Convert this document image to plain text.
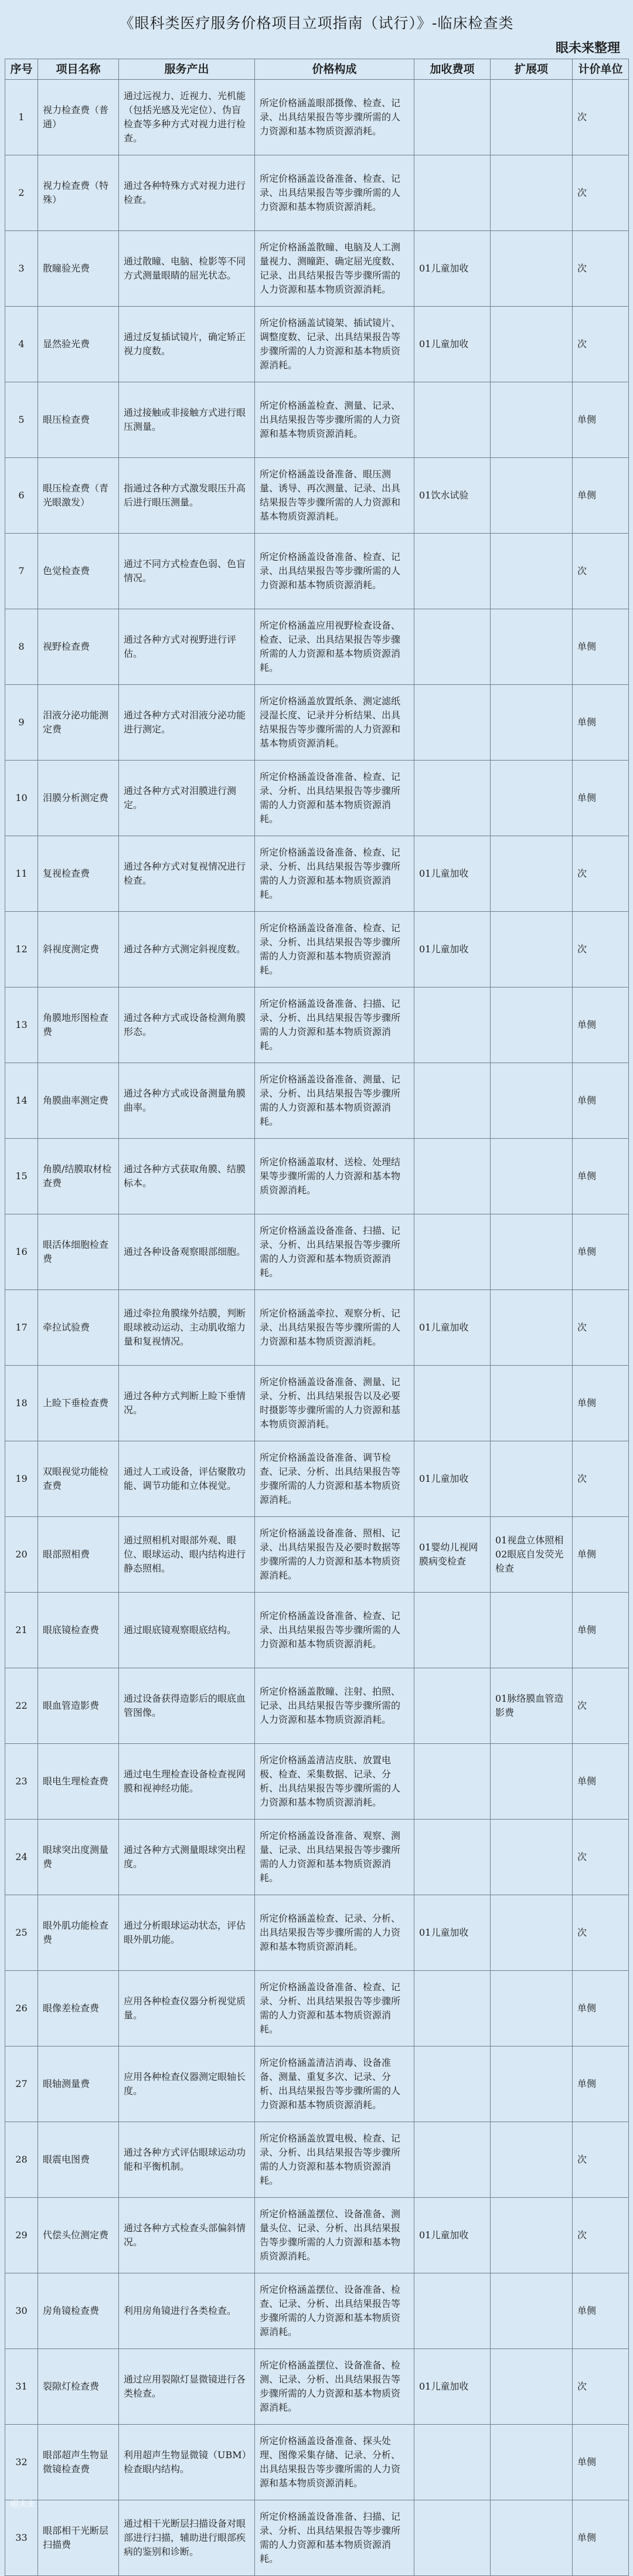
《眼科类医疗服务价格项目立项指南（试行）》-临床检查类
眼未来整理
序号	项目名称	服务产出	价格构成	加收费项	扩展项	计价单位
1	视力检查费（普通）	通过远视力、近视力、光机能（包括光感及光定位）、伪盲检查等多种方式对视力进行检查。	所定价格涵盖眼部摄像、检查、记录、出具结果报告等步骤所需的人力资源和基本物质资源消耗。			次
2	视力检查费（特殊）	通过各种特殊方式对视力进行检查。	所定价格涵盖设备准备、检查、记录、出具结果报告等步骤所需的人力资源和基本物质资源消耗。			次
3	散瞳验光费	通过散瞳、电脑、检影等不同方式测量眼睛的屈光状态。	所定价格涵盖散瞳、电脑及人工测量视力、测瞳距、确定屈光度数、记录、出具结果报告等步骤所需的人力资源和基本物质资源消耗。	01儿童加收		次
4	显然验光费	通过反复插试镜片，确定矫正视力度数。	所定价格涵盖试镜架、插试镜片、调整度数、记录、出具结果报告等步骤所需的人力资源和基本物质资源消耗。	01儿童加收		次
5	眼压检查费	通过接触或非接触方式进行眼压测量。	所定价格涵盖检查、测量、记录、出具结果报告等步骤所需的人力资源和基本物质资源消耗。			单侧
6	眼压检查费（青光眼激发）	指通过各种方式激发眼压升高后进行眼压测量。	所定价格涵盖设备准备、眼压测量、诱导、再次测量、记录、出具结果报告等步骤所需的人力资源和基本物质资源消耗。	01饮水试验		单侧
7	色觉检查费	通过不同方式检查色弱、色盲情况。	所定价格涵盖设备准备、检查、记录、出具结果报告等步骤所需的人力资源和基本物质资源消耗。			次
8	视野检查费	通过各种方式对视野进行评估。	所定价格涵盖应用视野检查设备、检查、记录、出具结果报告等步骤所需的人力资源和基本物质资源消耗。			单侧
9	泪液分泌功能测定费	通过各种方式对泪液分泌功能进行测定。	所定价格涵盖放置纸条、测定滤纸浸湿长度、记录并分析结果、出具结果报告等步骤所需的人力资源和基本物质资源消耗。			单侧
10	泪膜分析测定费	通过各种方式对泪膜进行测定。	所定价格涵盖设备准备、检查、记录、分析、出具结果报告等步骤所需的人力资源和基本物质资源消耗。			单侧
11	复视检查费	通过各种方式对复视情况进行检查。	所定价格涵盖设备准备、检查、记录、分析、出具结果报告等步骤所需的人力资源和基本物质资源消耗。	01儿童加收		次
12	斜视度测定费	通过各种方式测定斜视度数。	所定价格涵盖设备准备、检查、记录、分析、出具结果报告等步骤所需的人力资源和基本物质资源消耗。	01儿童加收		次
13	角膜地形图检查费	通过各种方式或设备检测角膜形态。	所定价格涵盖设备准备、扫描、记录、分析、出具结果报告等步骤所需的人力资源和基本物质资源消耗。			单侧
14	角膜曲率测定费	通过各种方式或设备测量角膜曲率。	所定价格涵盖设备准备、测量、记录、分析、出具结果报告等步骤所需的人力资源和基本物质资源消耗。			单侧
15	角膜/结膜取材检查费	通过各种方式获取角膜、结膜标本。	所定价格涵盖取材、送检、处理结果等步骤所需的人力资源和基本物质资源消耗。			单侧
16	眼活体细胞检查费	通过各种设备观察眼部细胞。	所定价格涵盖设备准备、扫描、记录、分析、出具结果报告等步骤所需的人力资源和基本物质资源消耗。			单侧
17	牵拉试验费	通过牵拉角膜缘外结膜，判断眼球被动运动、主动肌收缩力量和复视情况。	所定价格涵盖牵拉、观察分析、记录、出具结果报告等步骤所需的人力资源和基本物质资源消耗。	01儿童加收		次
18	上睑下垂检查费	通过各种方式判断上睑下垂情况。	所定价格涵盖设备准备、测量、记录、分析、出具结果报告以及必要时摄影等步骤所需的人力资源和基本物质资源消耗。			单侧
19	双眼视觉功能检查费	通过人工或设备，评估聚散功能、调节功能和立体视觉。	所定价格涵盖设备准备、调节检查、记录、分析、出具结果报告等步骤所需的人力资源和基本物质资源消耗。	01儿童加收		次
20	眼部照相费	通过照相机对眼部外观、眼位、眼球运动、眼内结构进行静态照相。	所定价格涵盖设备准备、照相、记录、出具结果报告及必要时数据等步骤所需的人力资源和基本物质资源消耗。	01婴幼儿视网膜病变检查	01视盘立体照相 02眼底自发荧光检查	单侧
21	眼底镜检查费	通过眼底镜观察眼底结构。	所定价格涵盖设备准备、检查、记录、出具结果报告等步骤所需的人力资源和基本物质资源消耗。			单侧
22	眼血管造影费	通过设备获得造影后的眼底血管图像。	所定价格涵盖散瞳、注射、拍照、记录、出具结果报告等步骤所需的人力资源和基本物质资源消耗。		01脉络膜血管造影费	次
23	眼电生理检查费	通过电生理检查设备检查视网膜和视神经功能。	所定价格涵盖清洁皮肤、放置电极、检查、采集数据、记录、分析、出具结果报告等步骤所需的人力资源和基本物质资源消耗。			单侧
24	眼球突出度测量费	通过各种方式测量眼球突出程度。	所定价格涵盖设备准备、观察、测量、记录、出具结果报告等步骤所需的人力资源和基本物质资源消耗。			次
25	眼外肌功能检查费	通过分析眼球运动状态，评估眼外肌功能。	所定价格涵盖检查、记录、分析、出具结果报告等步骤所需的人力资源和基本物质资源消耗。	01儿童加收		次
26	眼像差检查费	应用各种检查仪器分析视觉质量。	所定价格涵盖设备准备、检查、记录、分析、出具结果报告等步骤所需的人力资源和基本物质资源消耗。			单侧
27	眼轴测量费	应用各种检查仪器测定眼轴长度。	所定价格涵盖清洁消毒、设备准备、测量、重复多次、记录、分析、出具结果报告等步骤所需的人力资源和基本物质资源消耗。			单侧
28	眼震电图费	通过各种方式评估眼球运动功能和平衡机制。	所定价格涵盖放置电极、检查、记录、分析、出具结果报告等步骤所需的人力资源和基本物质资源消耗。			次
29	代偿头位测定费	通过各种方式检查头部偏斜情况。	所定价格涵盖摆位、设备准备、测量头位、记录、分析、出具结果报告等步骤所需的人力资源和基本物质资源消耗。	01儿童加收		次
30	房角镜检查费	利用房角镜进行各类检查。	所定价格涵盖摆位、设备准备、检查、记录、分析、出具结果报告等步骤所需的人力资源和基本物质资源消耗。			单侧
31	裂隙灯检查费	通过应用裂隙灯显微镜进行各类检查。	所定价格涵盖摆位、设备准备、检测、记录、分析、出具结果报告等步骤所需的人力资源和基本物质资源消耗。	01儿童加收		次
32	眼部超声生物显微镜检查费	利用超声生物显微镜（UBM）检查眼内结构。	所定价格涵盖设备准备、探头处理、图像采集存储、记录、分析、出具结果报告等步骤所需的人力资源和基本物质资源消耗。			单侧
33	眼部相干光断层扫描费	通过相干光断层扫描设备对眼部进行扫描，辅助进行眼部疾病的鉴别和诊断。	所定价格涵盖设备准备、扫描、记录、分析、出具结果报告等步骤所需的人力资源和基本物质资源消耗。			单侧
眼未来
